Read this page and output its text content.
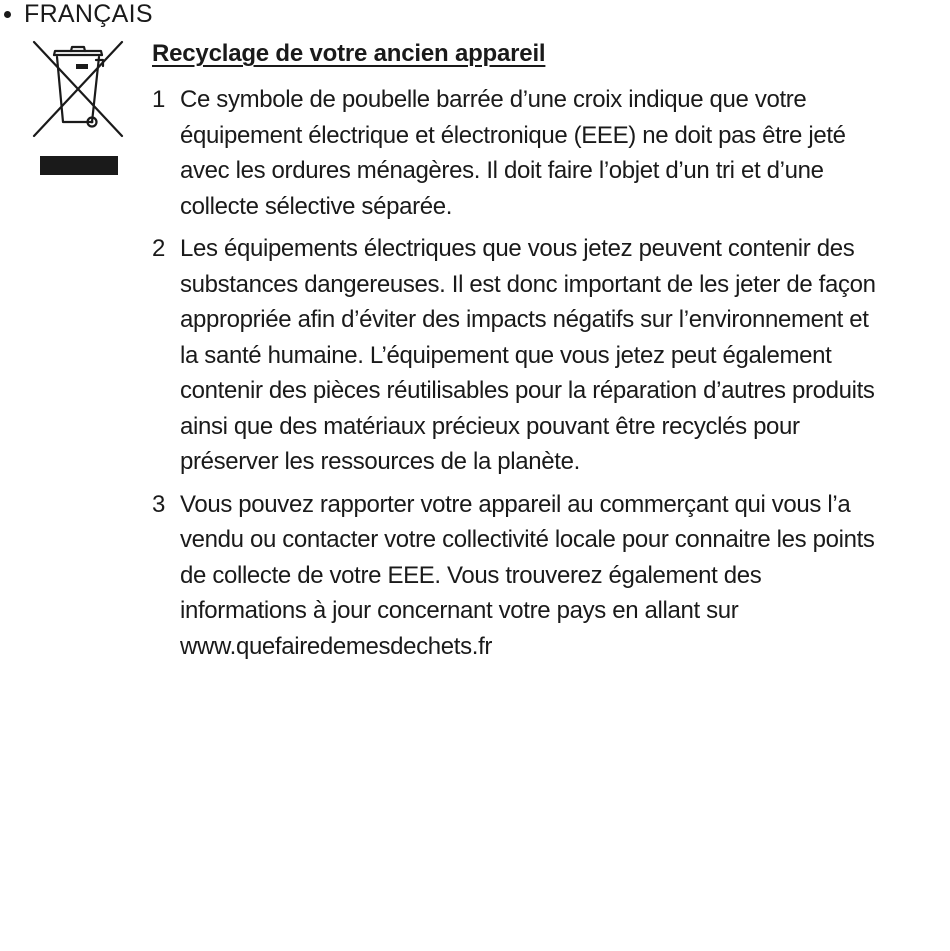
FRANÇAIS
Recyclage de votre ancien appareil
1 Ce symbole de poubelle barrée d’une croix indique que votre équipement électrique et électronique (EEE) ne doit pas être jeté avec les ordures ménagères. Il doit faire l’objet d’un tri et d’une collecte sélective séparée.
2 Les équipements électriques que vous jetez peuvent contenir des substances dangereuses. Il est donc important de les jeter de façon appropriée afin d’éviter des impacts négatifs sur l’environnement et la santé humaine. L’équipement que vous jetez peut également contenir des pièces réutilisables pour la réparation d’autres produits ainsi que des matériaux précieux pouvant être recyclés pour préserver les ressources de la planète.
3 Vous pouvez rapporter votre appareil au commerçant qui vous l’a vendu ou contacter votre collectivité locale pour connaitre les points de collecte de votre EEE. Vous trouverez également des informations à jour concernant votre pays en allant sur www.quefairedemesdechets.fr
